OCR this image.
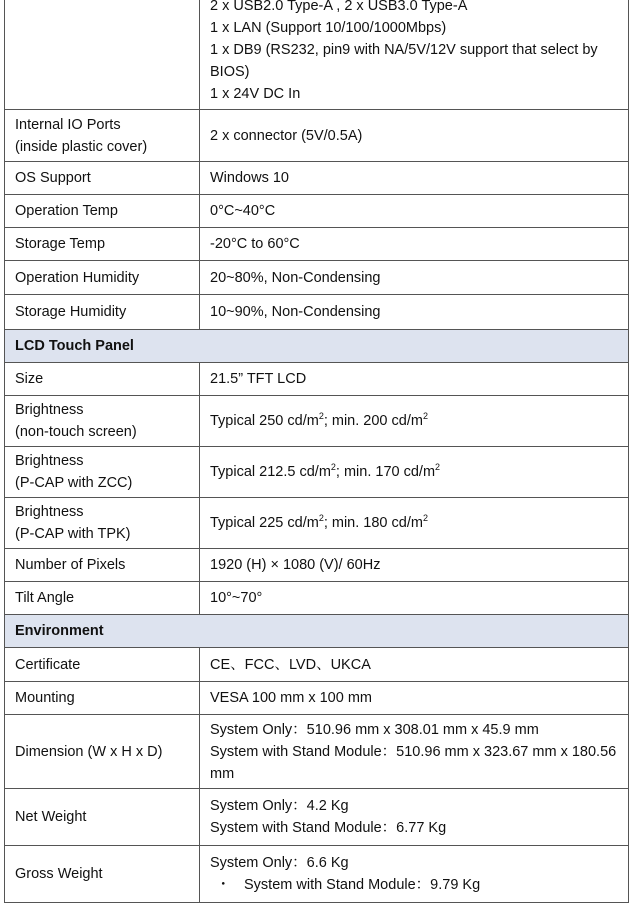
	2 x USB2.0 Type-A , 2 x USB3.0 Type-A
1 x LAN (Support 10/100/1000Mbps)
1 x DB9 (RS232, pin9 with NA/5V/12V support that select by BIOS)
1 x 24V DC In

Internal IO Ports
(inside plastic cover)	2 x connector (5V/0.5A)
OS Support	Windows 10
Operation Temp	0°C~40°C
Storage Temp	-20°C to 60°C
Operation Humidity	20~80%, Non-Condensing
Storage Humidity	10~90%, Non-Condensing
LCD Touch Panel	
Size	21.5” TFT LCD

Brightness
(non-touch screen)	Typical 250 $cd/m^2$; min. 200 $cd/m^2$

Brightness
(P-CAP with ZCC)	Typical 212.5 $cd/m^2$; min. 170 $cd/m^2$

Brightness
(P-CAP with TPK)	Typical 225 $cd/m^2$; min. 180 $cd/m^2$
Number of Pixels	1920 (H) × 1080 (V)/ 60Hz
Tilt Angle	10°~70°
Environment	
Certificate	CE、FCC、LVD、UKCA
Mounting	VESA 100 mm x 100 mm
Dimension (W x H x D)	System Only：510.96 mm x 308.01 mm x 45.9 mm
System with Stand Module：510.96 mm x 323.67 mm x 180.56 mm

Net Weight	System Only：4.2 Kg
System with Stand Module：6.77 Kg

Gross Weight	System Only：6.6 Kg
・ System with Stand Module：9.79 Kg
